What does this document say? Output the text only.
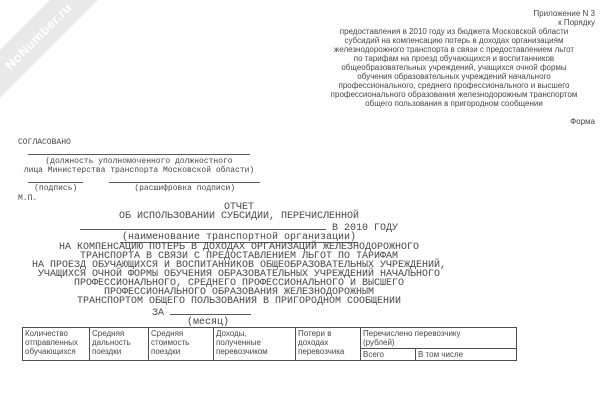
NoNumber.ru	Приложение N 3
к Порядку
предоставления в 2010 году из бюджета Московской области
субсидий на компенсацию потерь в доходах организациям
железнодорожного транспорта в связи с предоставлением льгот
по тарифам на проезд обучающихся и воспитанников
общеобразовательных учреждений, учащихся очной формы
обучения образовательных учреждений начального
профессионального, среднего профессионального и высшего
профессионального образования железнодорожным транспортом
общего пользования в пригородном сообщении
Форма
СОГЛАСОВАНО
(должность уполномоченного должностного
лица Министерства транспорта Московской области)
(подпись)	(расшифровка подписи)
М.П.
ОТЧЕТ
ОБ ИСПОЛЬЗОВАНИИ СУБСИДИИ, ПЕРЕЧИСЛЕННОЙ
В 2010 ГОДУ
(наименование транспортной организации)
НА КОМПЕНСАЦИЮ ПОТЕРЬ В ДОХОДАХ ОРГАНИЗАЦИЙ ЖЕЛЕЗНОДОРОЖНОГО
ТРАНСПОРТА В СВЯЗИ С ПРЕДОСТАВЛЕНИЕМ ЛЬГОТ ПО ТАРИФАМ
НА ПРОЕЗД ОБУЧАЮЩИХСЯ И ВОСПИТАННИКОВ ОБЩЕОБРАЗОВАТЕЛЬНЫХ УЧРЕЖДЕНИЙ,
УЧАЩИХСЯ ОЧНОЙ ФОРМЫ ОБУЧЕНИЯ ОБРАЗОВАТЕЛЬНЫХ УЧРЕЖДЕНИЙ НАЧАЛЬНОГО
ПРОФЕССИОНАЛЬНОГО, СРЕДНЕГО ПРОФЕССИОНАЛЬНОГО И ВЫСШЕГО
ПРОФЕССИОНАЛЬНОГО ОБРАЗОВАНИЯ ЖЕЛЕЗНОДОРОЖНЫМ
ТРАНСПОРТОМ ОБЩЕГО ПОЛЬЗОВАНИЯ В ПРИГОРОДНОМ СООБЩЕНИИ
ЗА
(месяц)
Количество отправленных обучающихся	Средняя дальность поездки	Средняя стоимость поездки	Доходы, полученные перевозчиком	Потери в доходах перевозчика	Перечислено перевозчику
(рублей)	
					Всего	В том числе
